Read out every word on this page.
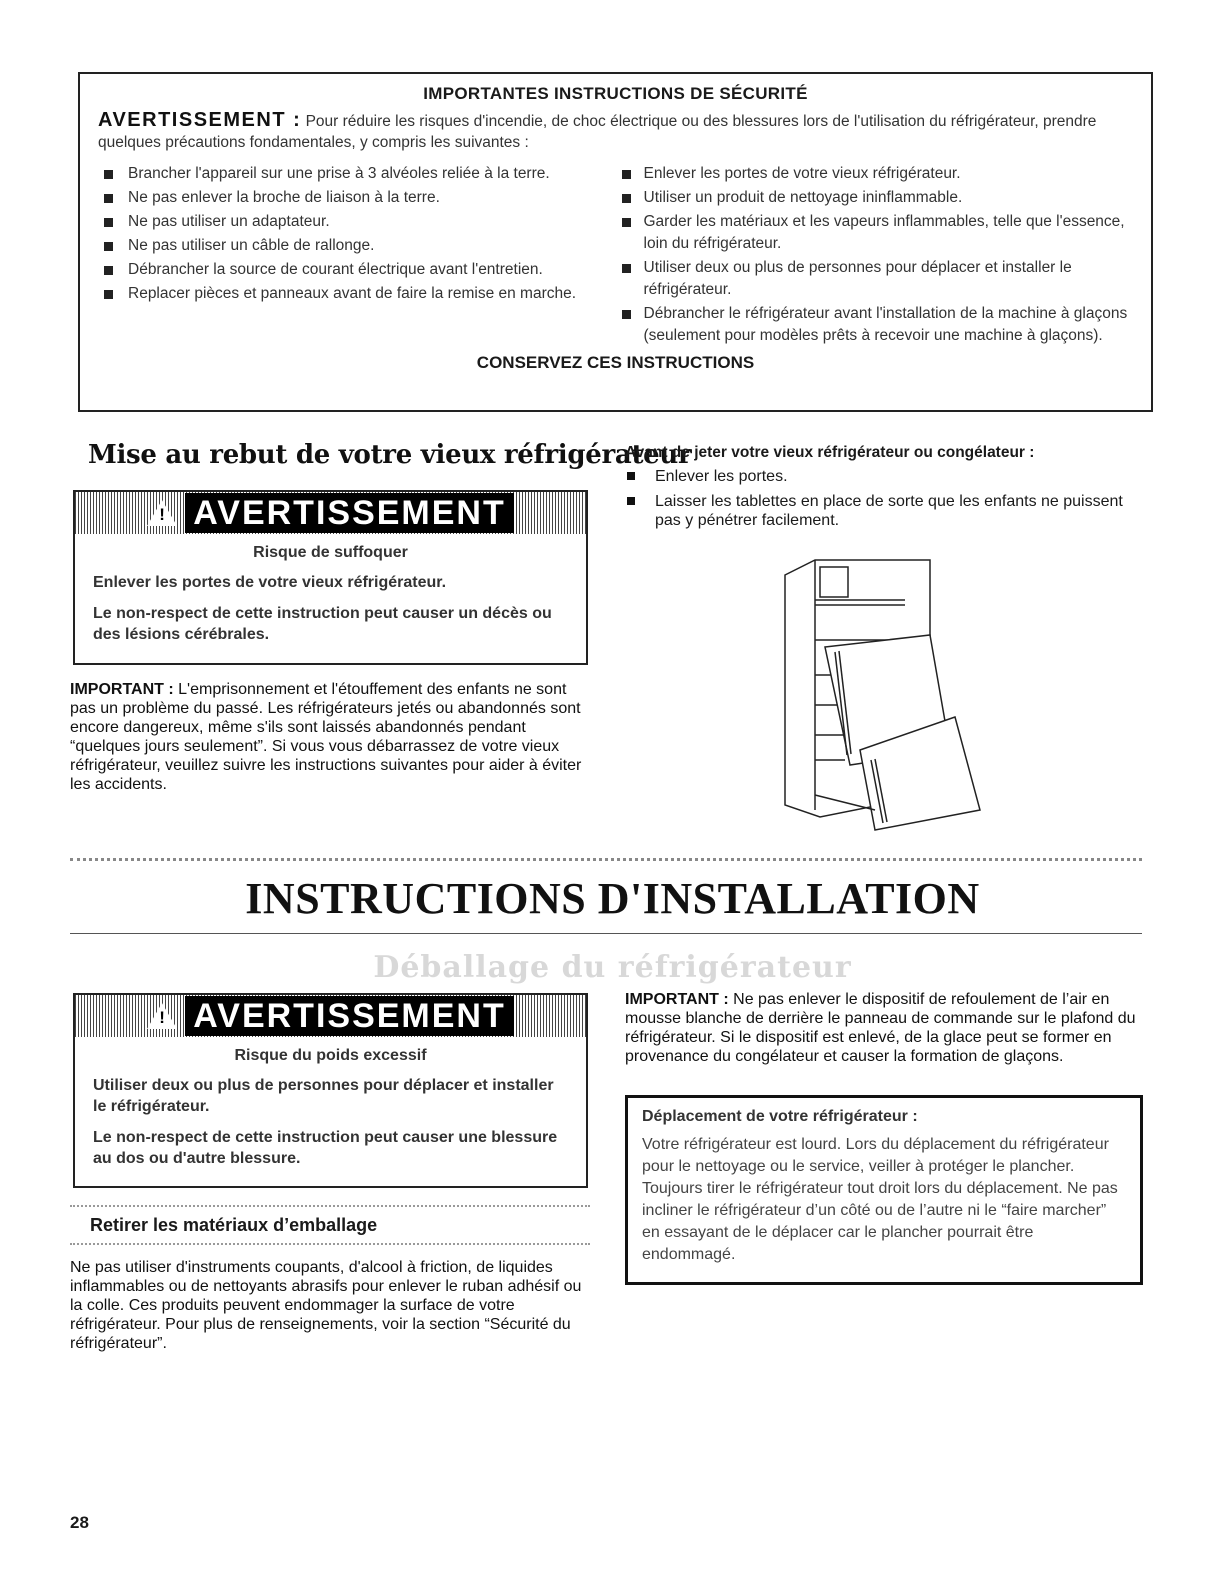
IMPORTANTES INSTRUCTIONS DE SÉCURITÉ
AVERTISSEMENT : Pour réduire les risques d'incendie, de choc électrique ou des blessures lors de l'utilisation du réfrigérateur, prendre quelques précautions fondamentales, y compris les suivantes :
Brancher l'appareil sur une prise à 3 alvéoles reliée à la terre.
Ne pas enlever la broche de liaison à la terre.
Ne pas utiliser un adaptateur.
Ne pas utiliser un câble de rallonge.
Débrancher la source de courant électrique avant l'entretien.
Replacer pièces et panneaux avant de faire la remise en marche.
Enlever les portes de votre vieux réfrigérateur.
Utiliser un produit de nettoyage ininflammable.
Garder les matériaux et les vapeurs inflammables, telle que l'essence, loin du réfrigérateur.
Utiliser deux ou plus de personnes pour déplacer et installer le réfrigérateur.
Débrancher le réfrigérateur avant l'installation de la machine à glaçons (seulement pour modèles prêts à recevoir une machine à glaçons).
CONSERVEZ CES INSTRUCTIONS
Mise au rebut de votre vieux réfrigérateur
! AVERTISSEMENT
Risque de suffoquer

Enlever les portes de votre vieux réfrigérateur.

Le non-respect de cette instruction peut causer un décès ou des lésions cérébrales.

IMPORTANT : L'emprisonnement et l'étouffement des enfants ne sont pas un problème du passé. Les réfrigérateurs jetés ou abandonnés sont encore dangereux, même s'ils sont laissés abandonnés pendant “quelques jours seulement”. Si vous vous débarrassez de votre vieux réfrigérateur, veuillez suivre les instructions suivantes pour aider à éviter les accidents.
Avant de jeter votre vieux réfrigérateur ou congélateur :
Enlever les portes.
Laisser les tablettes en place de sorte que les enfants ne puissent pas y pénétrer facilement.
INSTRUCTIONS D'INSTALLATION
Déballage du réfrigérateur
! AVERTISSEMENT
Risque du poids excessif

Utiliser deux ou plus de personnes pour déplacer et installer le réfrigérateur.

Le non-respect de cette instruction peut causer une blessure au dos ou d'autre blessure.

Retirer les matériaux d’emballage
Ne pas utiliser d'instruments coupants, d'alcool à friction, de liquides inflammables ou de nettoyants abrasifs pour enlever le ruban adhésif ou la colle. Ces produits peuvent endommager la surface de votre réfrigérateur. Pour plus de renseignements, voir la section “Sécurité du réfrigérateur”.
IMPORTANT : Ne pas enlever le dispositif de refoulement de l’air en mousse blanche de derrière le panneau de commande sur le plafond du réfrigérateur. Si le dispositif est enlevé, de la glace peut se former en provenance du congélateur et causer la formation de glaçons.
Déplacement de votre réfrigérateur :
Votre réfrigérateur est lourd. Lors du déplacement du réfrigérateur pour le nettoyage ou le service, veiller à protéger le plancher. Toujours tirer le réfrigérateur tout droit lors du déplacement. Ne pas incliner le réfrigérateur d’un côté ou de l’autre ni le “faire marcher” en essayant de le déplacer car le plancher pourrait être endommagé.
28
